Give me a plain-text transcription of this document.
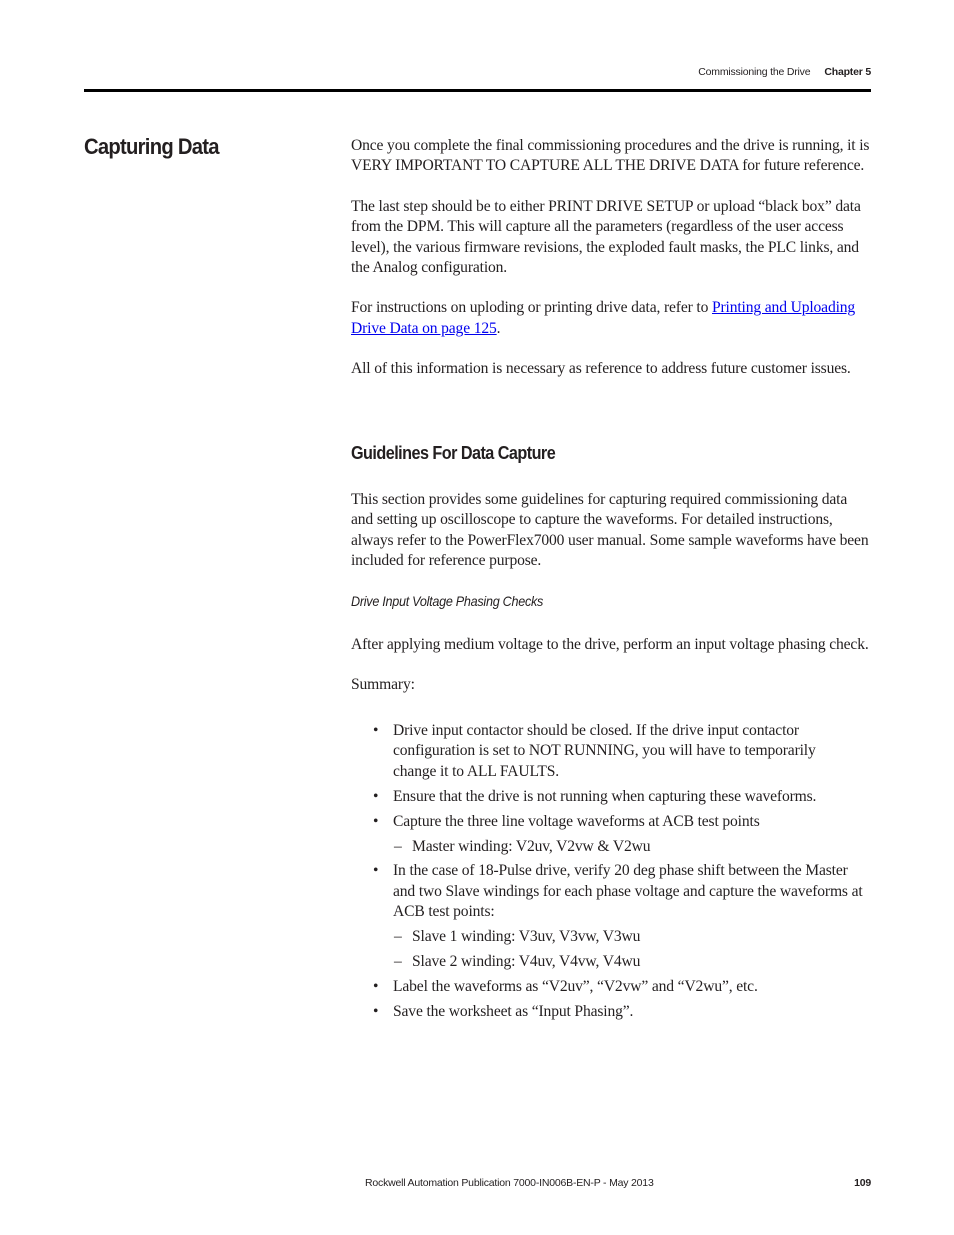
Commissioning the Drive Chapter 5
Capturing Data	Once you complete the final commissioning procedures and the drive is running, it is VERY IMPORTANT TO CAPTURE ALL THE DRIVE DATA for future reference.

The last step should be to either PRINT DRIVE SETUP or upload “black box” data from the DPM. This will capture all the parameters (regardless of the user access level), the various firmware revisions, the exploded fault masks, the PLC links, and the Analog configuration.

For instructions on uploding or printing drive data, refer to Printing and Uploading Drive Data on page 125.

All of this information is necessary as reference to address future customer issues.

Guidelines For Data Capture

This section provides some guidelines for capturing required commissioning data and setting up oscilloscope to capture the waveforms. For detailed instructions, always refer to the PowerFlex7000 user manual. Some sample waveforms have been included for reference purpose.

Drive Input Voltage Phasing Checks

After applying medium voltage to the drive, perform an input voltage phasing check.

Summary:

• Drive input contactor should be closed. If the drive input contactor configuration is set to NOT RUNNING, you will have to temporarily change it to ALL FAULTS.
• Ensure that the drive is not running when capturing these waveforms.
• Capture the three line voltage waveforms at ACB test points
– Master winding: V2uv, V2vw & V2wu
• In the case of 18-Pulse drive, verify 20 deg phase shift between the Master and two Slave windings for each phase voltage and capture the waveforms at ACB test points:
– Slave 1 winding: V3uv, V3vw, V3wu
– Slave 2 winding: V4uv, V4vw, V4wu
• Label the waveforms as “V2uv”, “V2vw” and “V2wu”, etc.
• Save the worksheet as “Input Phasing”.
Rockwell Automation Publication 7000-IN006B-EN-P - May 2013	109
